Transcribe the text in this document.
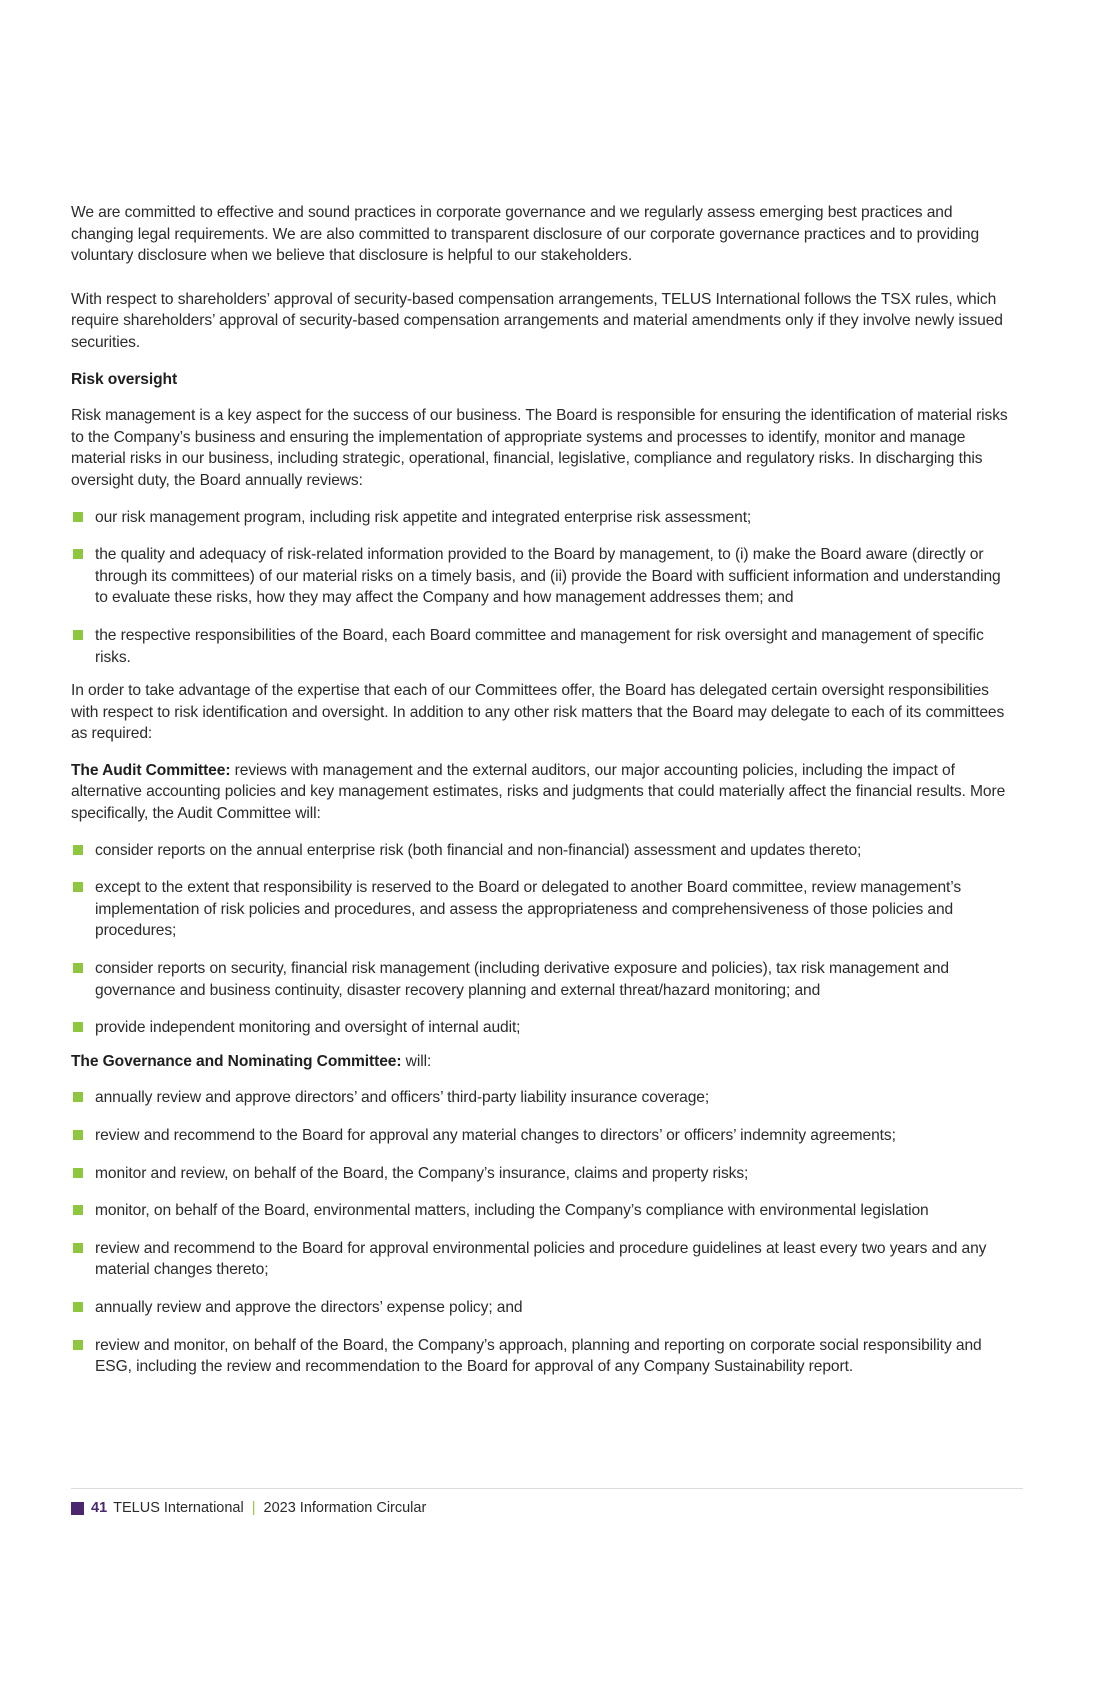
We are committed to effective and sound practices in corporate governance and we regularly assess emerging best practices and changing legal requirements. We are also committed to transparent disclosure of our corporate governance practices and to providing voluntary disclosure when we believe that disclosure is helpful to our stakeholders.

With respect to shareholders’ approval of security-based compensation arrangements, TELUS International follows the TSX rules, which require shareholders’ approval of security-based compensation arrangements and material amendments only if they involve newly issued securities.

Risk oversight

Risk management is a key aspect for the success of our business. The Board is responsible for ensuring the identification of material risks to the Company’s business and ensuring the implementation of appropriate systems and processes to identify, monitor and manage material risks in our business, including strategic, operational, financial, legislative, compliance and regulatory risks. In discharging this oversight duty, the Board annually reviews:

our risk management program, including risk appetite and integrated enterprise risk assessment;
the quality and adequacy of risk-related information provided to the Board by management, to (i) make the Board aware (directly or through its committees) of our material risks on a timely basis, and (ii) provide the Board with sufficient information and understanding to evaluate these risks, how they may affect the Company and how management addresses them; and
the respective responsibilities of the Board, each Board committee and management for risk oversight and management of specific risks.

In order to take advantage of the expertise that each of our Committees offer, the Board has delegated certain oversight responsibilities with respect to risk identification and oversight. In addition to any other risk matters that the Board may delegate to each of its committees as required:

The Audit Committee: reviews with management and the external auditors, our major accounting policies, including the impact of alternative accounting policies and key management estimates, risks and judgments that could materially affect the financial results. More specifically, the Audit Committee will:

consider reports on the annual enterprise risk (both financial and non-financial) assessment and updates thereto;
except to the extent that responsibility is reserved to the Board or delegated to another Board committee, review management’s implementation of risk policies and procedures, and assess the appropriateness and comprehensiveness of those policies and procedures;
consider reports on security, financial risk management (including derivative exposure and policies), tax risk management and governance and business continuity, disaster recovery planning and external threat/hazard monitoring; and
provide independent monitoring and oversight of internal audit;

The Governance and Nominating Committee: will:

annually review and approve directors’ and officers’ third-party liability insurance coverage;
review and recommend to the Board for approval any material changes to directors’ or officers’ indemnity agreements;
monitor and review, on behalf of the Board, the Company’s insurance, claims and property risks;
monitor, on behalf of the Board, environmental matters, including the Company’s compliance with environmental legislation
review and recommend to the Board for approval environmental policies and procedure guidelines at least every two years and any material changes thereto;
annually review and approve the directors’ expense policy; and
review and monitor, on behalf of the Board, the Company’s approach, planning and reporting on corporate social responsibility and ESG, including the review and recommendation to the Board for approval of any Company Sustainability report.
41 TELUS International | 2023 Information Circular
